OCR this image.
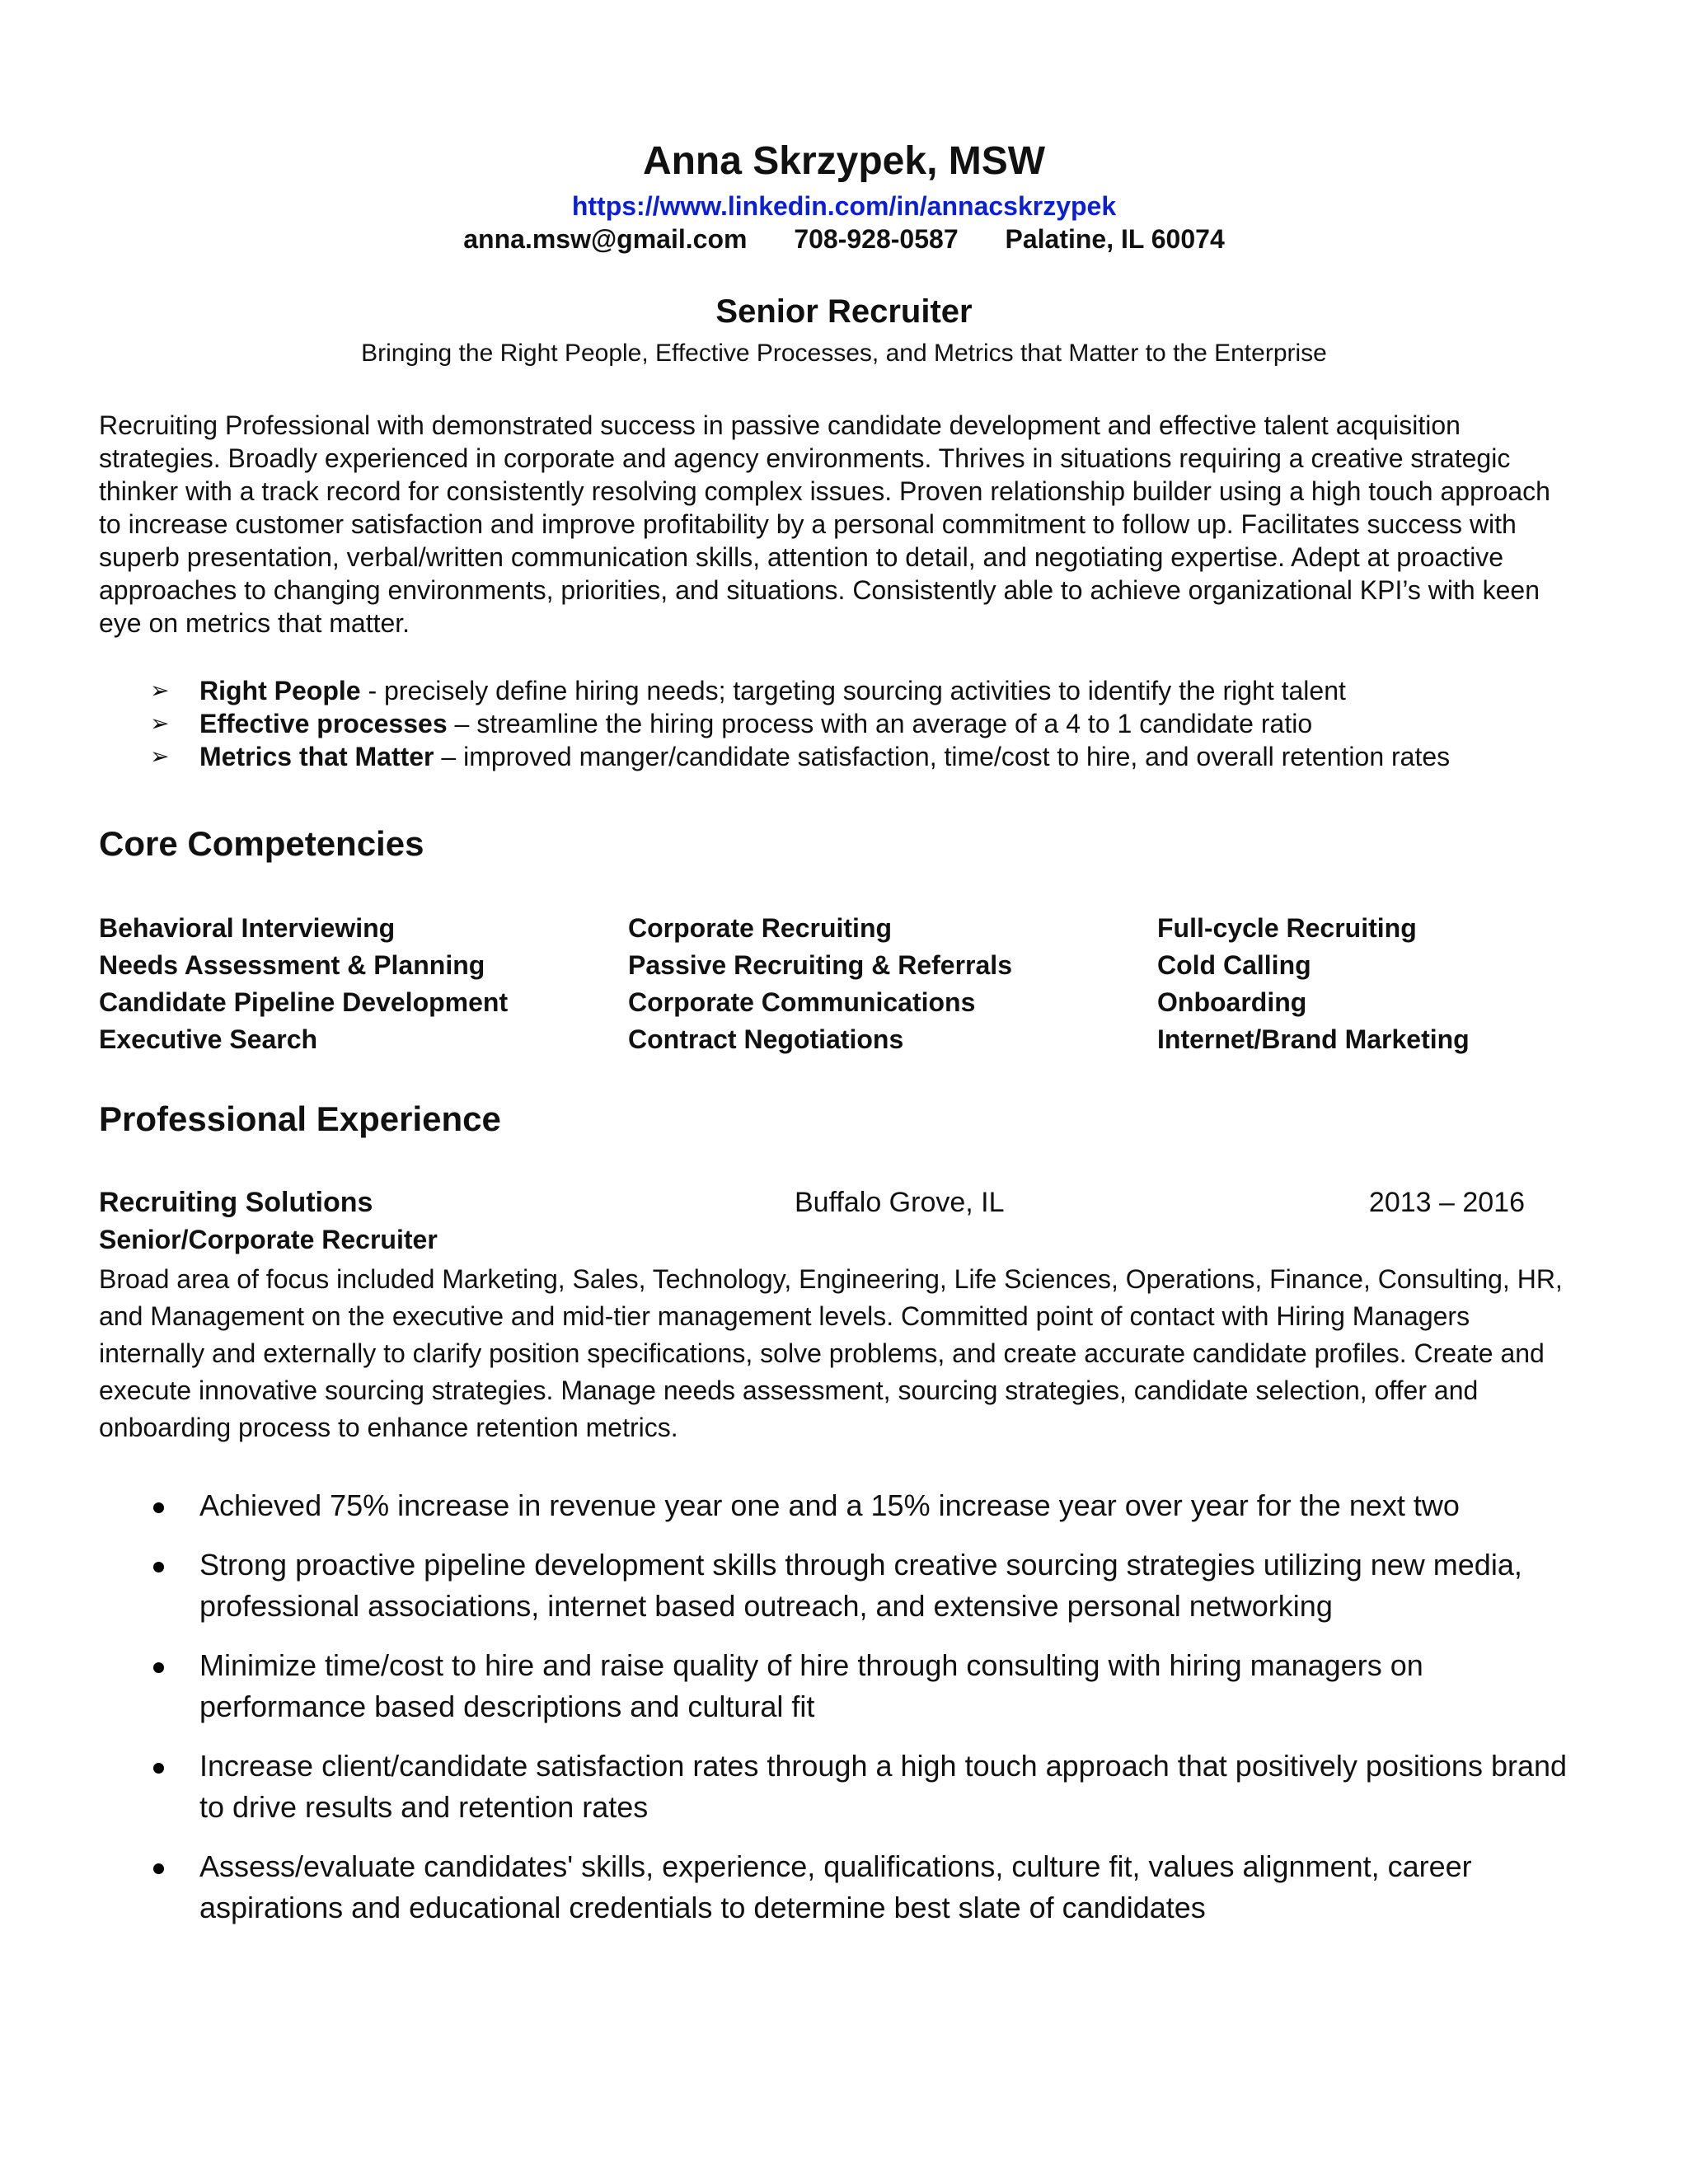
Anna Skrzypek, MSW
https://www.linkedin.com/in/annacskrzypek
anna.msw@gmail.com 708-928-0587 Palatine, IL 60074
Senior Recruiter
Bringing the Right People, Effective Processes, and Metrics that Matter to the Enterprise
Recruiting Professional with demonstrated success in passive candidate development and effective talent acquisition strategies. Broadly experienced in corporate and agency environments. Thrives in situations requiring a creative strategic thinker with a track record for consistently resolving complex issues. Proven relationship builder using a high touch approach to increase customer satisfaction and improve profitability by a personal commitment to follow up. Facilitates success with superb presentation, verbal/written communication skills, attention to detail, and negotiating expertise. Adept at proactive approaches to changing environments, priorities, and situations. Consistently able to achieve organizational KPI’s with keen eye on metrics that matter.
➢ Right People - precisely define hiring needs; targeting sourcing activities to identify the right talent
➢ Effective processes – streamline the hiring process with an average of a 4 to 1 candidate ratio
➢ Metrics that Matter – improved manger/candidate satisfaction, time/cost to hire, and overall retention rates
Core Competencies
Behavioral Interviewing	Corporate Recruiting	Full-cycle Recruiting
Needs Assessment & Planning	Passive Recruiting & Referrals	Cold Calling
Candidate Pipeline Development	Corporate Communications	Onboarding
Executive Search	Contract Negotiations	Internet/Brand Marketing
Professional Experience
Recruiting Solutions	Buffalo Grove, IL	2013 – 2016
Senior/Corporate Recruiter
Broad area of focus included Marketing, Sales, Technology, Engineering, Life Sciences, Operations, Finance, Consulting, HR, and Management on the executive and mid-tier management levels. Committed point of contact with Hiring Managers internally and externally to clarify position specifications, solve problems, and create accurate candidate profiles. Create and execute innovative sourcing strategies. Manage needs assessment, sourcing strategies, candidate selection, offer and onboarding process to enhance retention metrics.
Achieved 75% increase in revenue year one and a 15% increase year over year for the next two
Strong proactive pipeline development skills through creative sourcing strategies utilizing new media, professional associations, internet based outreach, and extensive personal networking
Minimize time/cost to hire and raise quality of hire through consulting with hiring managers on performance based descriptions and cultural fit
Increase client/candidate satisfaction rates through a high touch approach that positively positions brand to drive results and retention rates
Assess/evaluate candidates' skills, experience, qualifications, culture fit, values alignment, career aspirations and educational credentials to determine best slate of candidates
